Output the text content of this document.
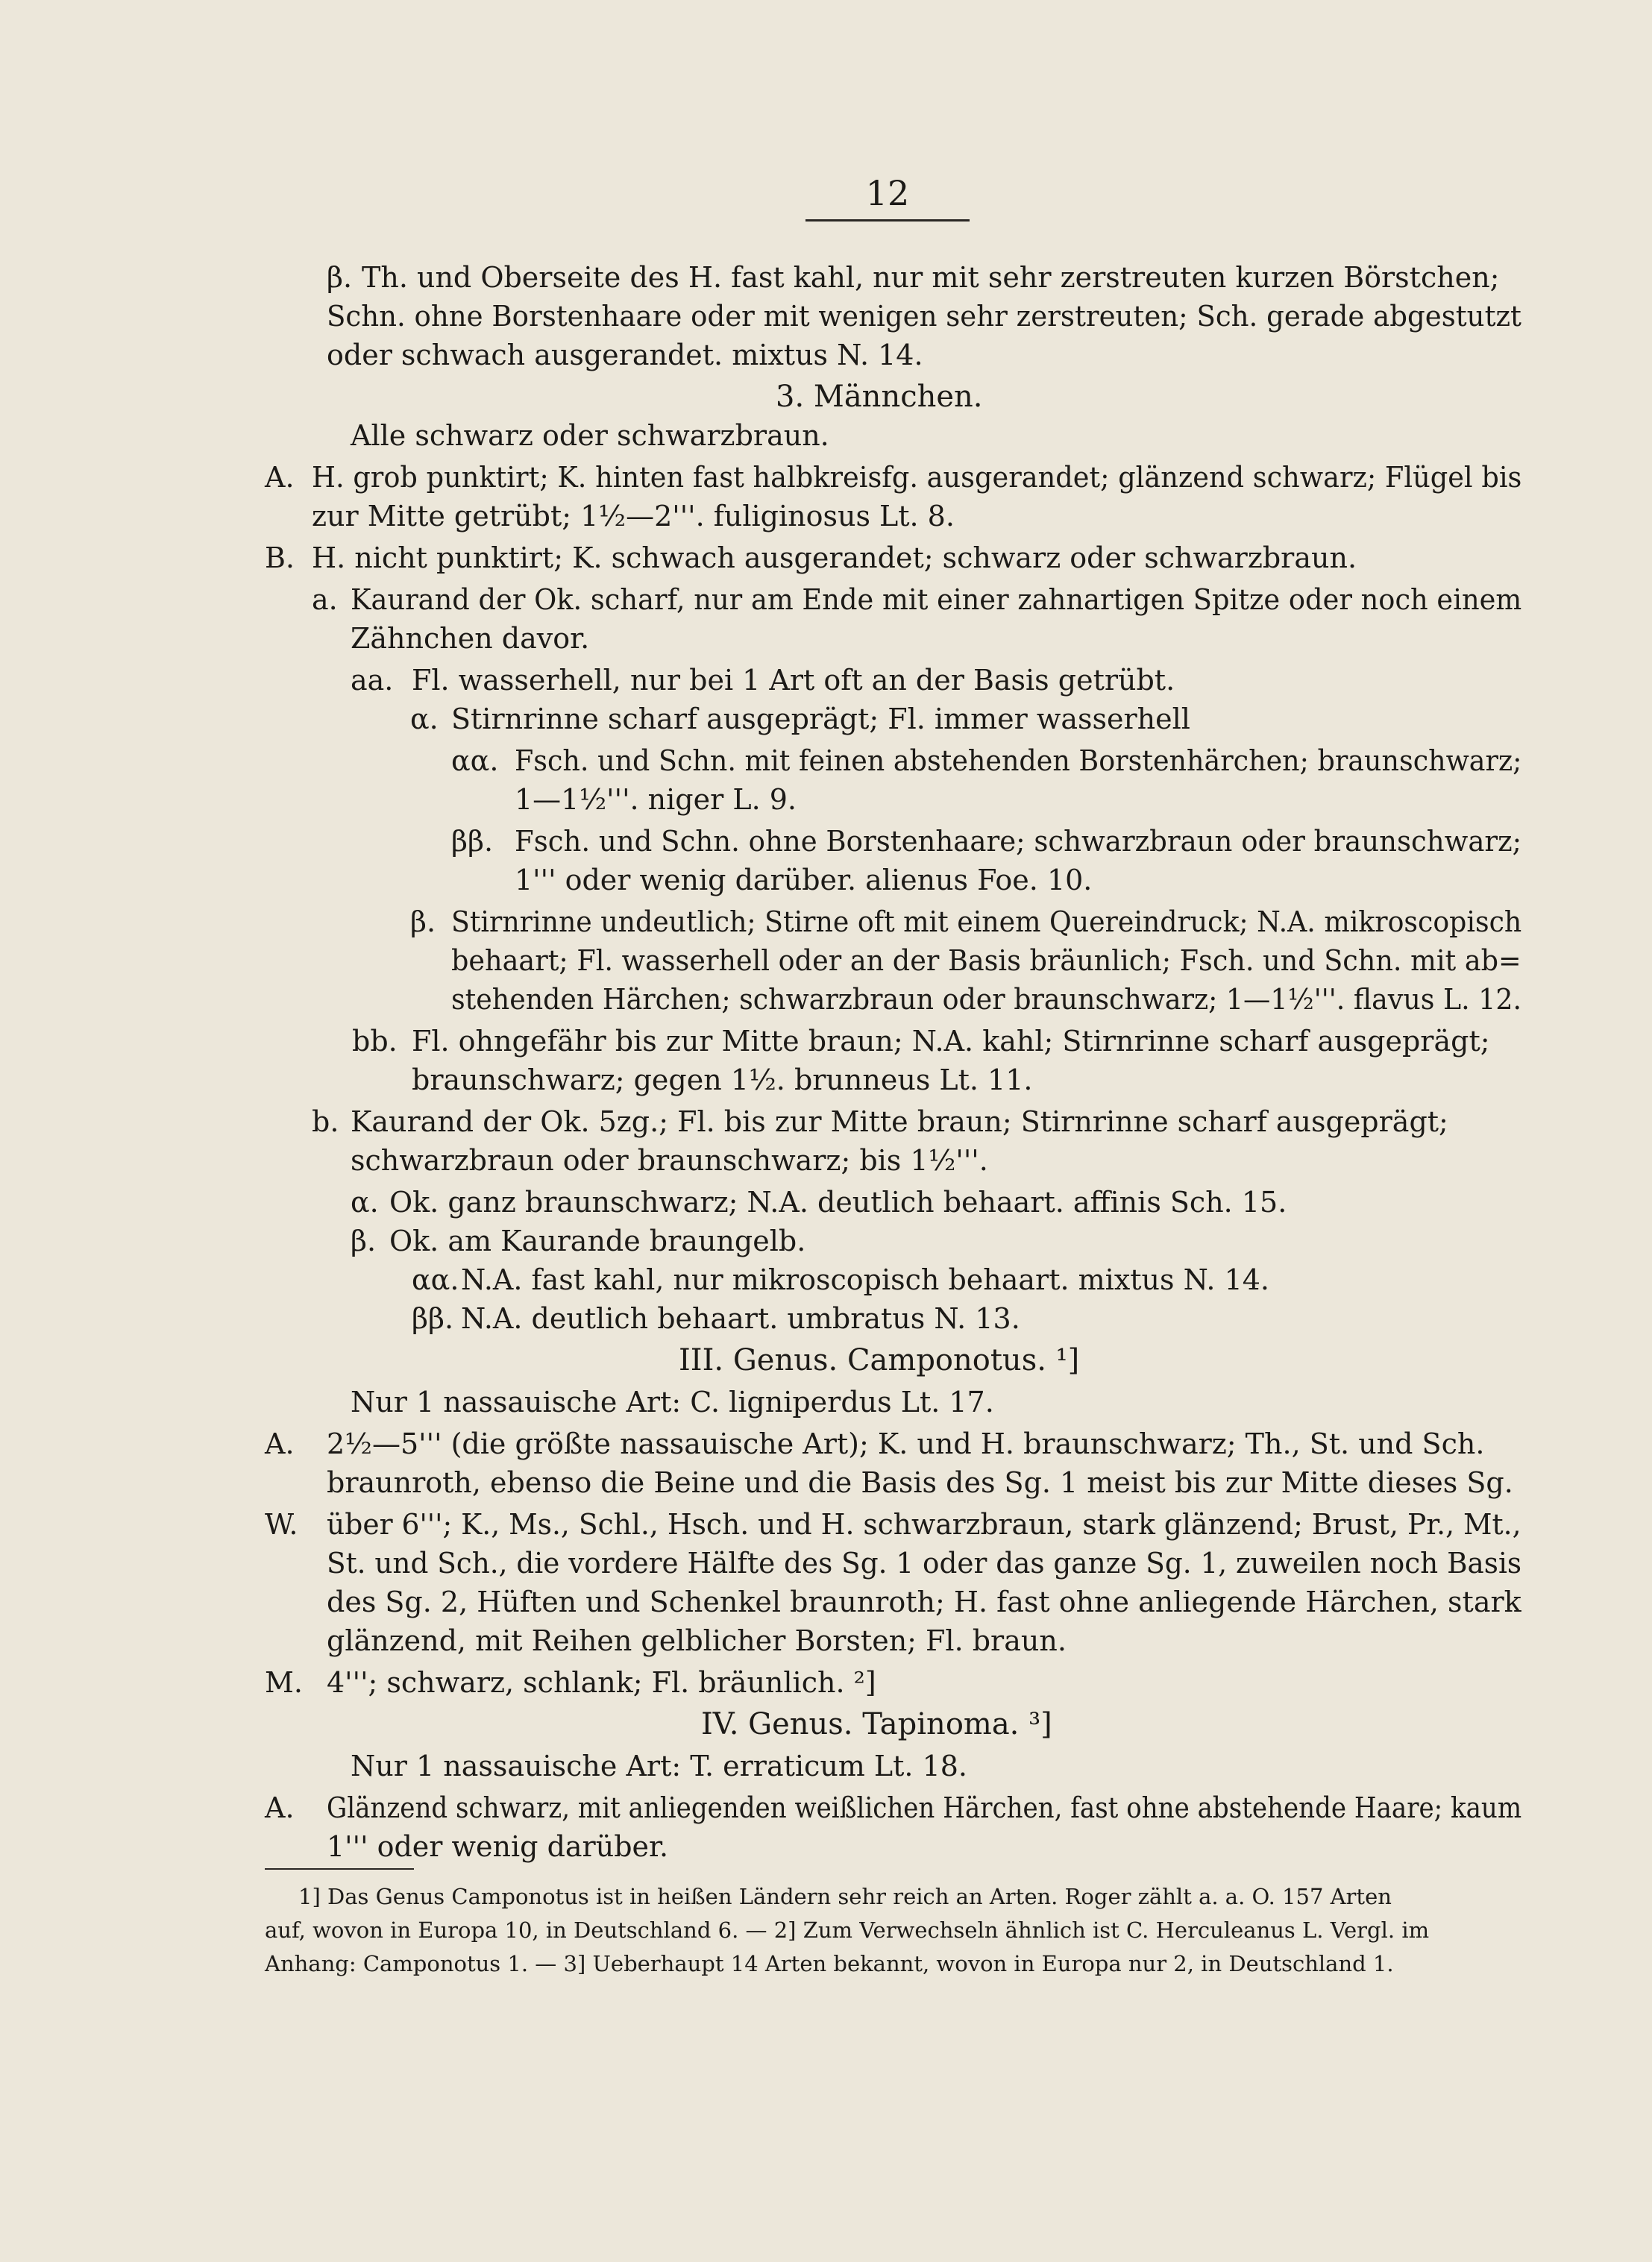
12
β. Th. und Oberseite des H. fast kahl, nur mit sehr zerstreuten kurzen Börstchen;
Schn. ohne Borstenhaare oder mit wenigen sehr zerstreuten; Sch. gerade abgestutzt
oder schwach ausgerandet. mixtus N. 14.
3. Männchen.
Alle schwarz oder schwarzbraun.
A. H. grob punktirt; K. hinten fast halbkreisfg. ausgerandet; glänzend schwarz; Flügel bis
zur Mitte getrübt; 1½—2'''. fuliginosus Lt. 8.
B. H. nicht punktirt; K. schwach ausgerandet; schwarz oder schwarzbraun.
a. Kaurand der Ok. scharf, nur am Ende mit einer zahnartigen Spitze oder noch einem
Zähnchen davor.
aa. Fl. wasserhell, nur bei 1 Art oft an der Basis getrübt.
α. Stirnrinne scharf ausgeprägt; Fl. immer wasserhell
αα. Fsch. und Schn. mit feinen abstehenden Borstenhärchen; braunschwarz;
1—1½'''. niger L. 9.
ββ. Fsch. und Schn. ohne Borstenhaare; schwarzbraun oder braunschwarz;
1''' oder wenig darüber. alienus Foe. 10.
β. Stirnrinne undeutlich; Stirne oft mit einem Quereindruck; N.A. mikroscopisch
behaart; Fl. wasserhell oder an der Basis bräunlich; Fsch. und Schn. mit ab=
stehenden Härchen; schwarzbraun oder braunschwarz; 1—1½'''. flavus L. 12.
bb. Fl. ohngefähr bis zur Mitte braun; N.A. kahl; Stirnrinne scharf ausgeprägt;
braunschwarz; gegen 1½. brunneus Lt. 11.
b. Kaurand der Ok. 5zg.; Fl. bis zur Mitte braun; Stirnrinne scharf ausgeprägt;
schwarzbraun oder braunschwarz; bis 1½'''.
α. Ok. ganz braunschwarz; N.A. deutlich behaart. affinis Sch. 15.
β. Ok. am Kaurande braungelb.
αα. N.A. fast kahl, nur mikroscopisch behaart. mixtus N. 14.
ββ. N.A. deutlich behaart. umbratus N. 13.
III. Genus. Camponotus. ¹]
Nur 1 nassauische Art: C. ligniperdus Lt. 17.
A. 2½—5''' (die größte nassauische Art); K. und H. braunschwarz; Th., St. und Sch.
braunroth, ebenso die Beine und die Basis des Sg. 1 meist bis zur Mitte dieses Sg.
W. über 6'''; K., Ms., Schl., Hsch. und H. schwarzbraun, stark glänzend; Brust, Pr., Mt.,
St. und Sch., die vordere Hälfte des Sg. 1 oder das ganze Sg. 1, zuweilen noch Basis
des Sg. 2, Hüften und Schenkel braunroth; H. fast ohne anliegende Härchen, stark
glänzend, mit Reihen gelblicher Borsten; Fl. braun.
M. 4'''; schwarz, schlank; Fl. bräunlich. ²]
IV. Genus. Tapinoma. ³]
Nur 1 nassauische Art: T. erraticum Lt. 18.
A. Glänzend schwarz, mit anliegenden weißlichen Härchen, fast ohne abstehende Haare; kaum
1''' oder wenig darüber.
1] Das Genus Camponotus ist in heißen Ländern sehr reich an Arten. Roger zählt a. a. O. 157 Arten
auf, wovon in Europa 10, in Deutschland 6. — 2] Zum Verwechseln ähnlich ist C. Herculeanus L. Vergl. im
Anhang: Camponotus 1. — 3] Ueberhaupt 14 Arten bekannt, wovon in Europa nur 2, in Deutschland 1.
